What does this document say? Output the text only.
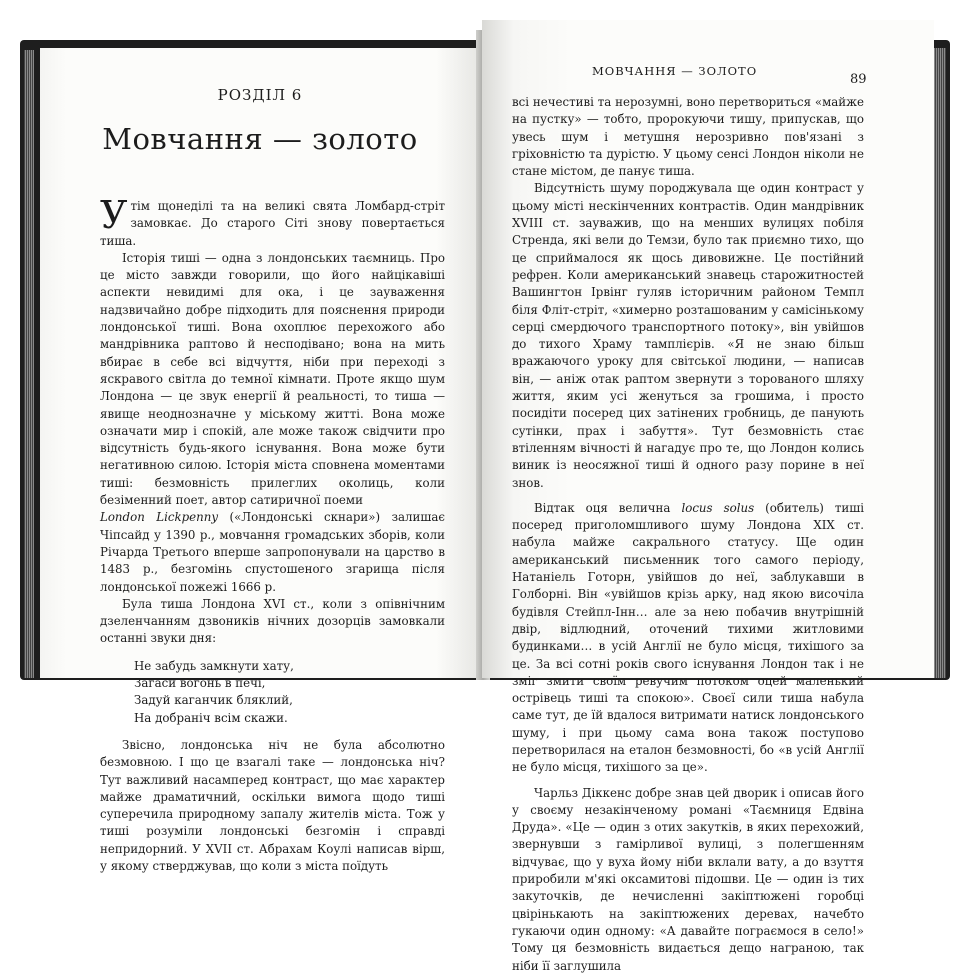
РОЗДІЛ 6
Мовчання — золото

Утім щонеділі та на великі свята Ломбард-стріт замовкає. До старого Сіті знову повертається тиша.

Історія тиші — одна з лондонських таємниць. Про це місто завжди говорили, що його найцікавіші аспекти невидимі для ока, і це зауваження надзвичайно добре підходить для пояснення природи лондонської тиші. Вона охоплює перехожого або мандрівника раптово й несподівано; вона на мить вбирає в себе всі відчуття, ніби при переході з яскравого світла до темної кімнати. Проте якщо шум Лондона — це звук енергії й реальності, то тиша — явище неоднозначне у міському житті. Вона може означати мир і спокій, але може також свідчити про відсутність будь-якого існування. Вона може бути негативною силою. Історія міста сповнена моментами тиші: безмовність прилеглих околиць, коли безіменний поет, автор сатиричної поеми

London Lickpenny («Лондонські скнари») залишає Чіпсайд у 1390 р., мовчання громадських зборів, коли Річарда Третього вперше запропонували на царство в 1483 р., безгомінь спустошеного згарища після лондонської пожежі 1666 р.

Була тиша Лондона XVI ст., коли з опівнічним дзеленчанням дзвоників нічних дозорців замовкали останні звуки дня:

Не забудь замкнути хату,
Загаси вогонь в печі,
Задуй каганчик бляклий,
На добраніч всім скажи.

Звісно, лондонська ніч не була абсолютно безмовною. І що це взагалі таке — лондонська ніч? Тут важливий насамперед контраст, що має характер майже драматичний, оскільки вимога щодо тиші суперечила природному запалу жителів міста. Тож у тиші розуміли лондонські безгомін і справді непридорний. У XVII ст. Абрахам Коулі написав вірш, у якому стверджував, що коли з міста поїдуть

МОВЧАННЯ — ЗОЛОТО
89

всі нечестиві та нерозумні, воно перетвориться «майже на пустку» — тобто, пророкуючи тишу, припускав, що увесь шум і метушня нерозривно пов'язані з гріховністю та дурістю. У цьому сенсі Лондон ніколи не стане містом, де панує тиша.

Відсутність шуму породжувала ще один контраст у цьому місті нескінченних контрастів. Один мандрівник XVIII ст. зауважив, що на менших вулицях побіля Стренда, які вели до Темзи, було так приємно тихо, що це сприймалося як щось дивовижне. Це постійний рефрен. Коли американський знавець старожитностей Вашингтон Ірвінг гуляв історичним районом Темпл біля Фліт-стріт, «химерно розташованим у самісінькому серці смердючого транспортного потоку», він увійшов до тихого Храму тамплієрів. «Я не знаю більш вражаючого уроку для світської людини, — написав він, — аніж отак раптом звернути з торованого шляху життя, яким усі женуться за грошима, і просто посидіти посеред цих затінених гробниць, де панують сутінки, прах і забуття». Тут безмовність стає втіленням вічності й нагадує про те, що Лондон колись виник із неосяжної тиші й одного разу порине в неї знов.

Відтак оця велична locus solus (обитель) тиші посеред приголомшливого шуму Лондона XIX ст. набула майже сакрального статусу. Ще один американський письменник того самого періоду, Натаніель Готорн, увійшов до неї, заблукавши в Голборні. Він «увійшов крізь арку, над якою височіла будівля Стейпл-Інн… але за нею побачив внутрішній двір, відлюдний, оточений тихими житловими будинками… в усій Англії не було місця, тихішого за це. За всі сотні років свого існування Лондон так і не зміг змити своїм ревучим потоком оцей маленький острівець тиші та спокою». Своєї сили тиша набула саме тут, де їй вдалося витримати натиск лондонського шуму, і при цьому сама вона також поступово перетворилася на еталон безмовності, бо «в усій Англії не було місця, тихішого за це».

Чарльз Діккенс добре знав цей дворик і описав його у своєму незакінченому романі «Таємниця Едвіна Друда». «Це — один з отих закутків, в яких перехожий, звернувши з гамірливої вулиці, з полегшенням відчуває, що у вуха йому ніби вклали вату, а до взуття приробили м'які оксамитові підошви. Це — один із тих закуточків, де нечисленні закіптюжені горобці цвірінькають на закіптюжених деревах, начебто гукаючи один одному: «А давайте пограємося в село!» Тому ця безмовність видається дещо награною, так ніби її заглушила
